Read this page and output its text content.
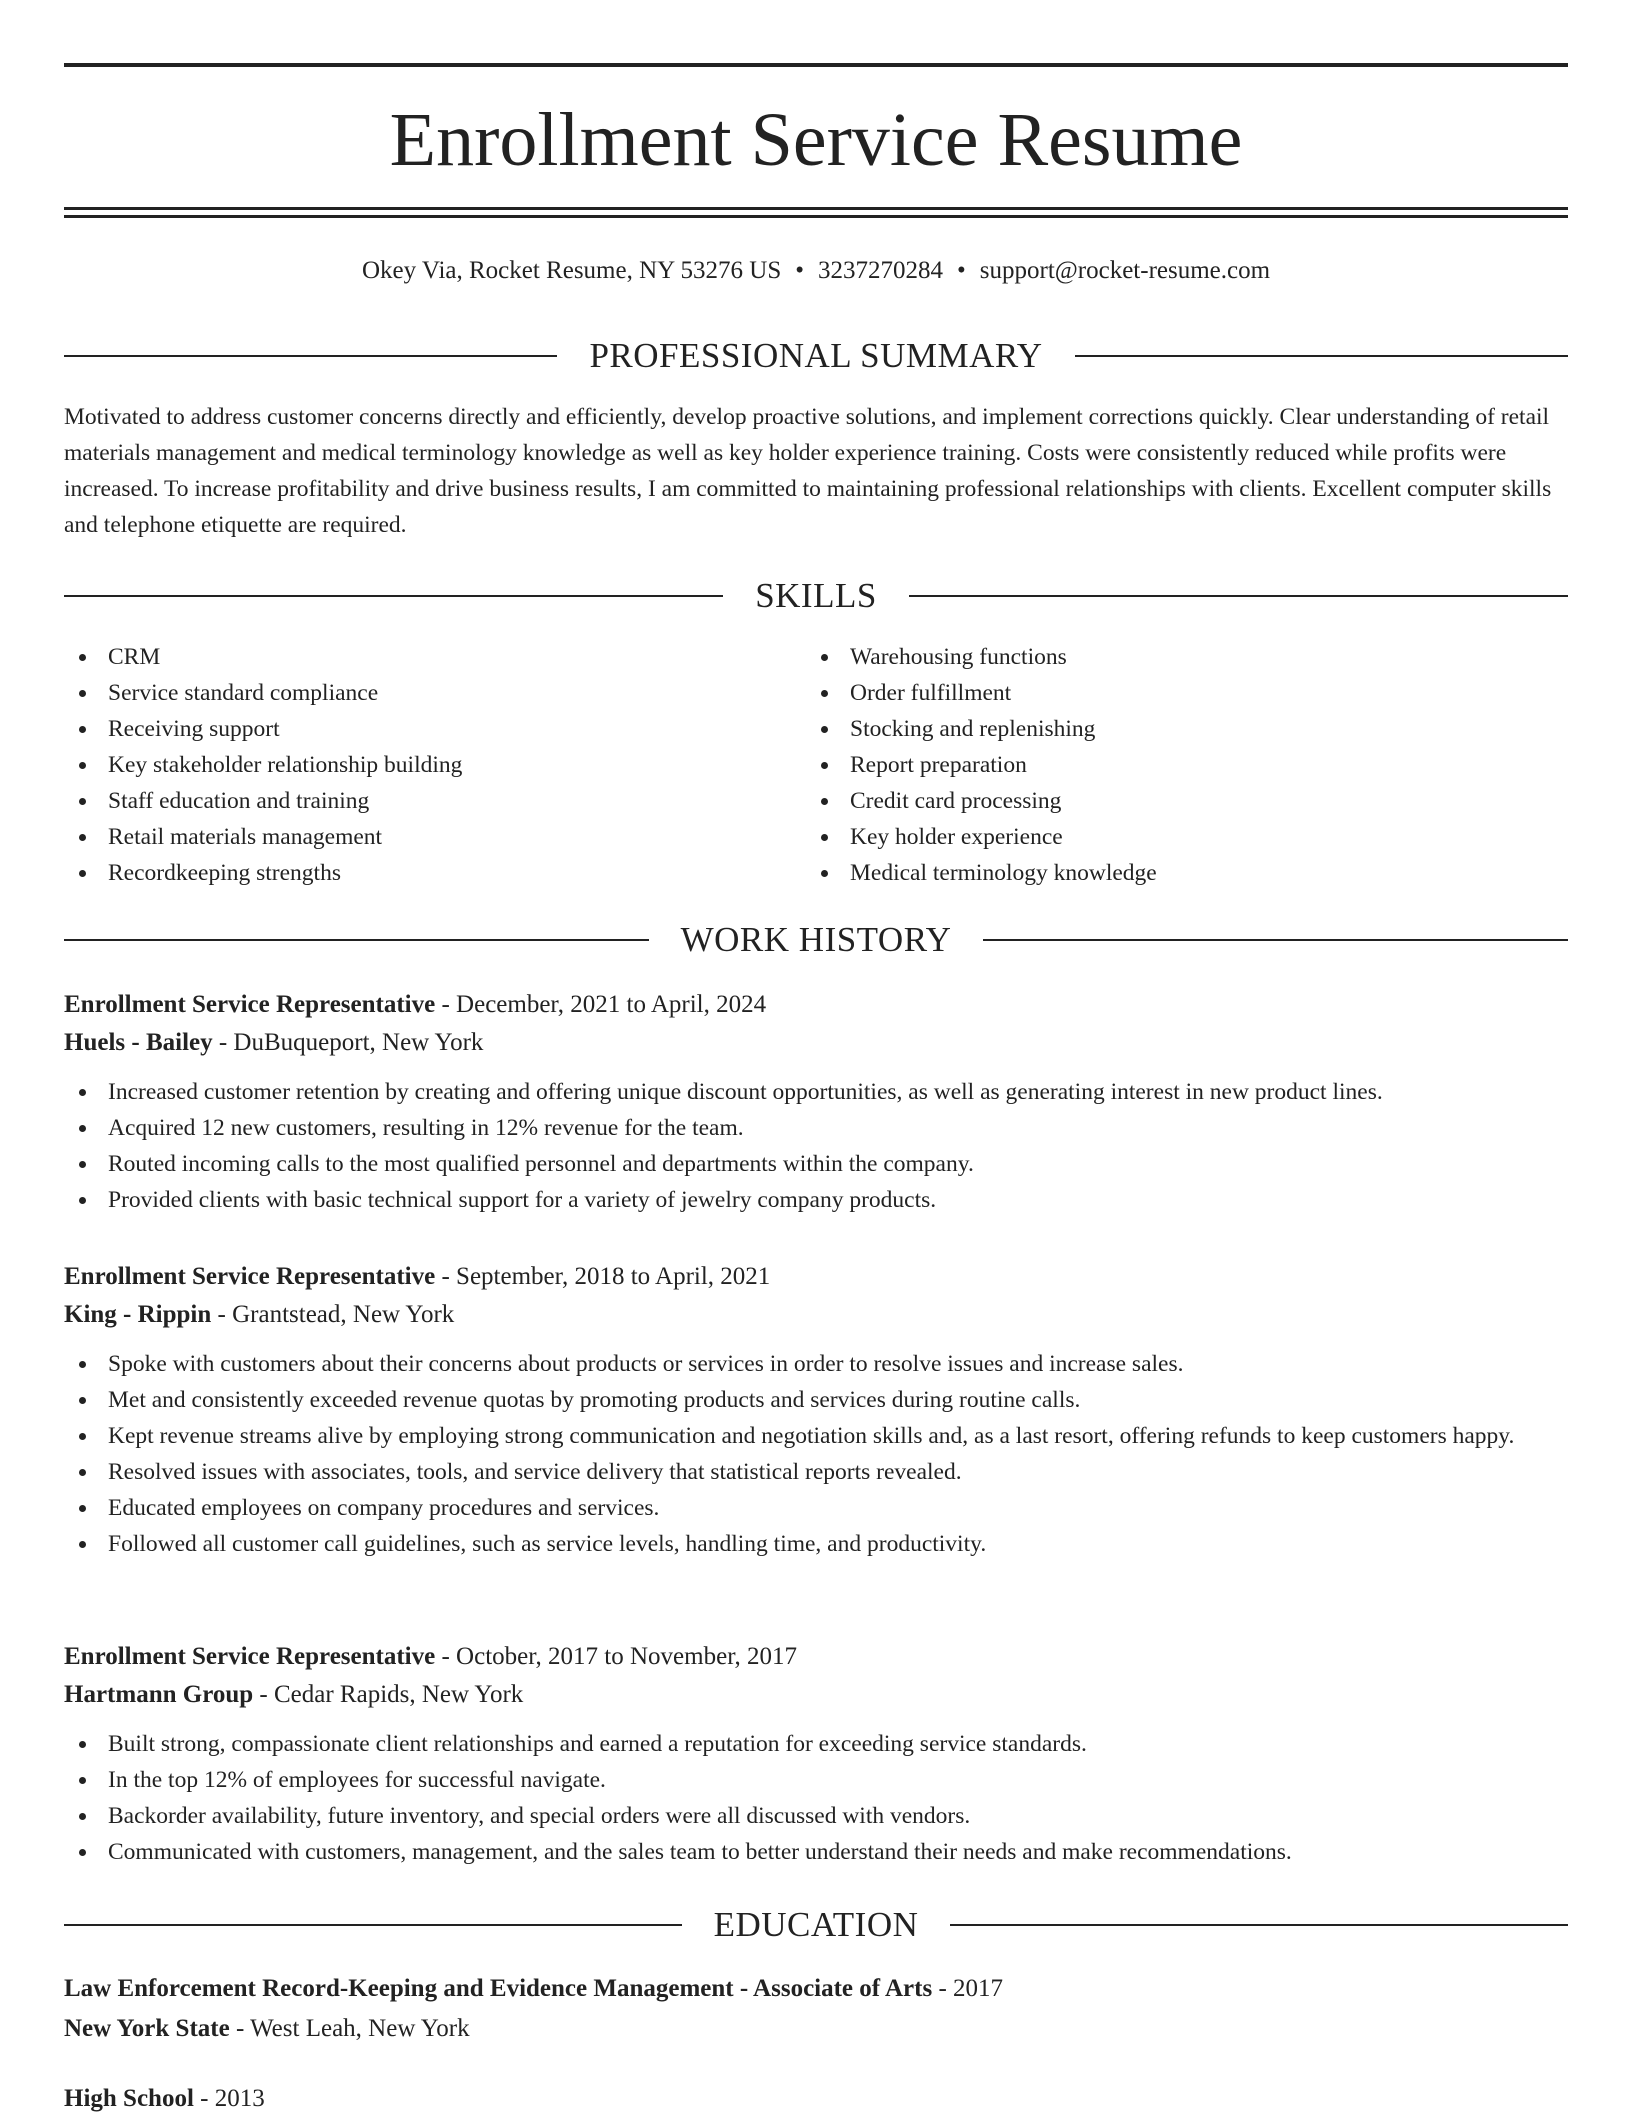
Enrollment Service Resume
Okey Via, Rocket Resume, NY 53276 US • 3237270284 • support@rocket-resume.com
PROFESSIONAL SUMMARY

Motivated to address customer concerns directly and efficiently, develop proactive solutions, and implement corrections quickly. Clear understanding of retail materials management and medical terminology knowledge as well as key holder experience training. Costs were consistently reduced while profits were increased. To increase profitability and drive business results, I am committed to maintaining professional relationships with clients. Excellent computer skills and telephone etiquette are required.

SKILLS
CRM
Service standard compliance
Receiving support
Key stakeholder relationship building
Staff education and training
Retail materials management
Recordkeeping strengths
Warehousing functions
Order fulfillment
Stocking and replenishing
Report preparation
Credit card processing
Key holder experience
Medical terminology knowledge
WORK HISTORY
Enrollment Service Representative - December, 2021 to April, 2024
Huels - Bailey - DuBuqueport, New York
Increased customer retention by creating and offering unique discount opportunities, as well as generating interest in new product lines.
Acquired 12 new customers, resulting in 12% revenue for the team.
Routed incoming calls to the most qualified personnel and departments within the company.
Provided clients with basic technical support for a variety of jewelry company products.
Enrollment Service Representative - September, 2018 to April, 2021
King - Rippin - Grantstead, New York
Spoke with customers about their concerns about products or services in order to resolve issues and increase sales.
Met and consistently exceeded revenue quotas by promoting products and services during routine calls.
Kept revenue streams alive by employing strong communication and negotiation skills and, as a last resort, offering refunds to keep customers happy.
Resolved issues with associates, tools, and service delivery that statistical reports revealed.
Educated employees on company procedures and services.
Followed all customer call guidelines, such as service levels, handling time, and productivity.
Enrollment Service Representative - October, 2017 to November, 2017
Hartmann Group - Cedar Rapids, New York
Built strong, compassionate client relationships and earned a reputation for exceeding service standards.
In the top 12% of employees for successful navigate.
Backorder availability, future inventory, and special orders were all discussed with vendors.
Communicated with customers, management, and the sales team to better understand their needs and make recommendations.
EDUCATION
Law Enforcement Record-Keeping and Evidence Management - Associate of Arts - 2017
New York State - West Leah, New York
High School - 2013
